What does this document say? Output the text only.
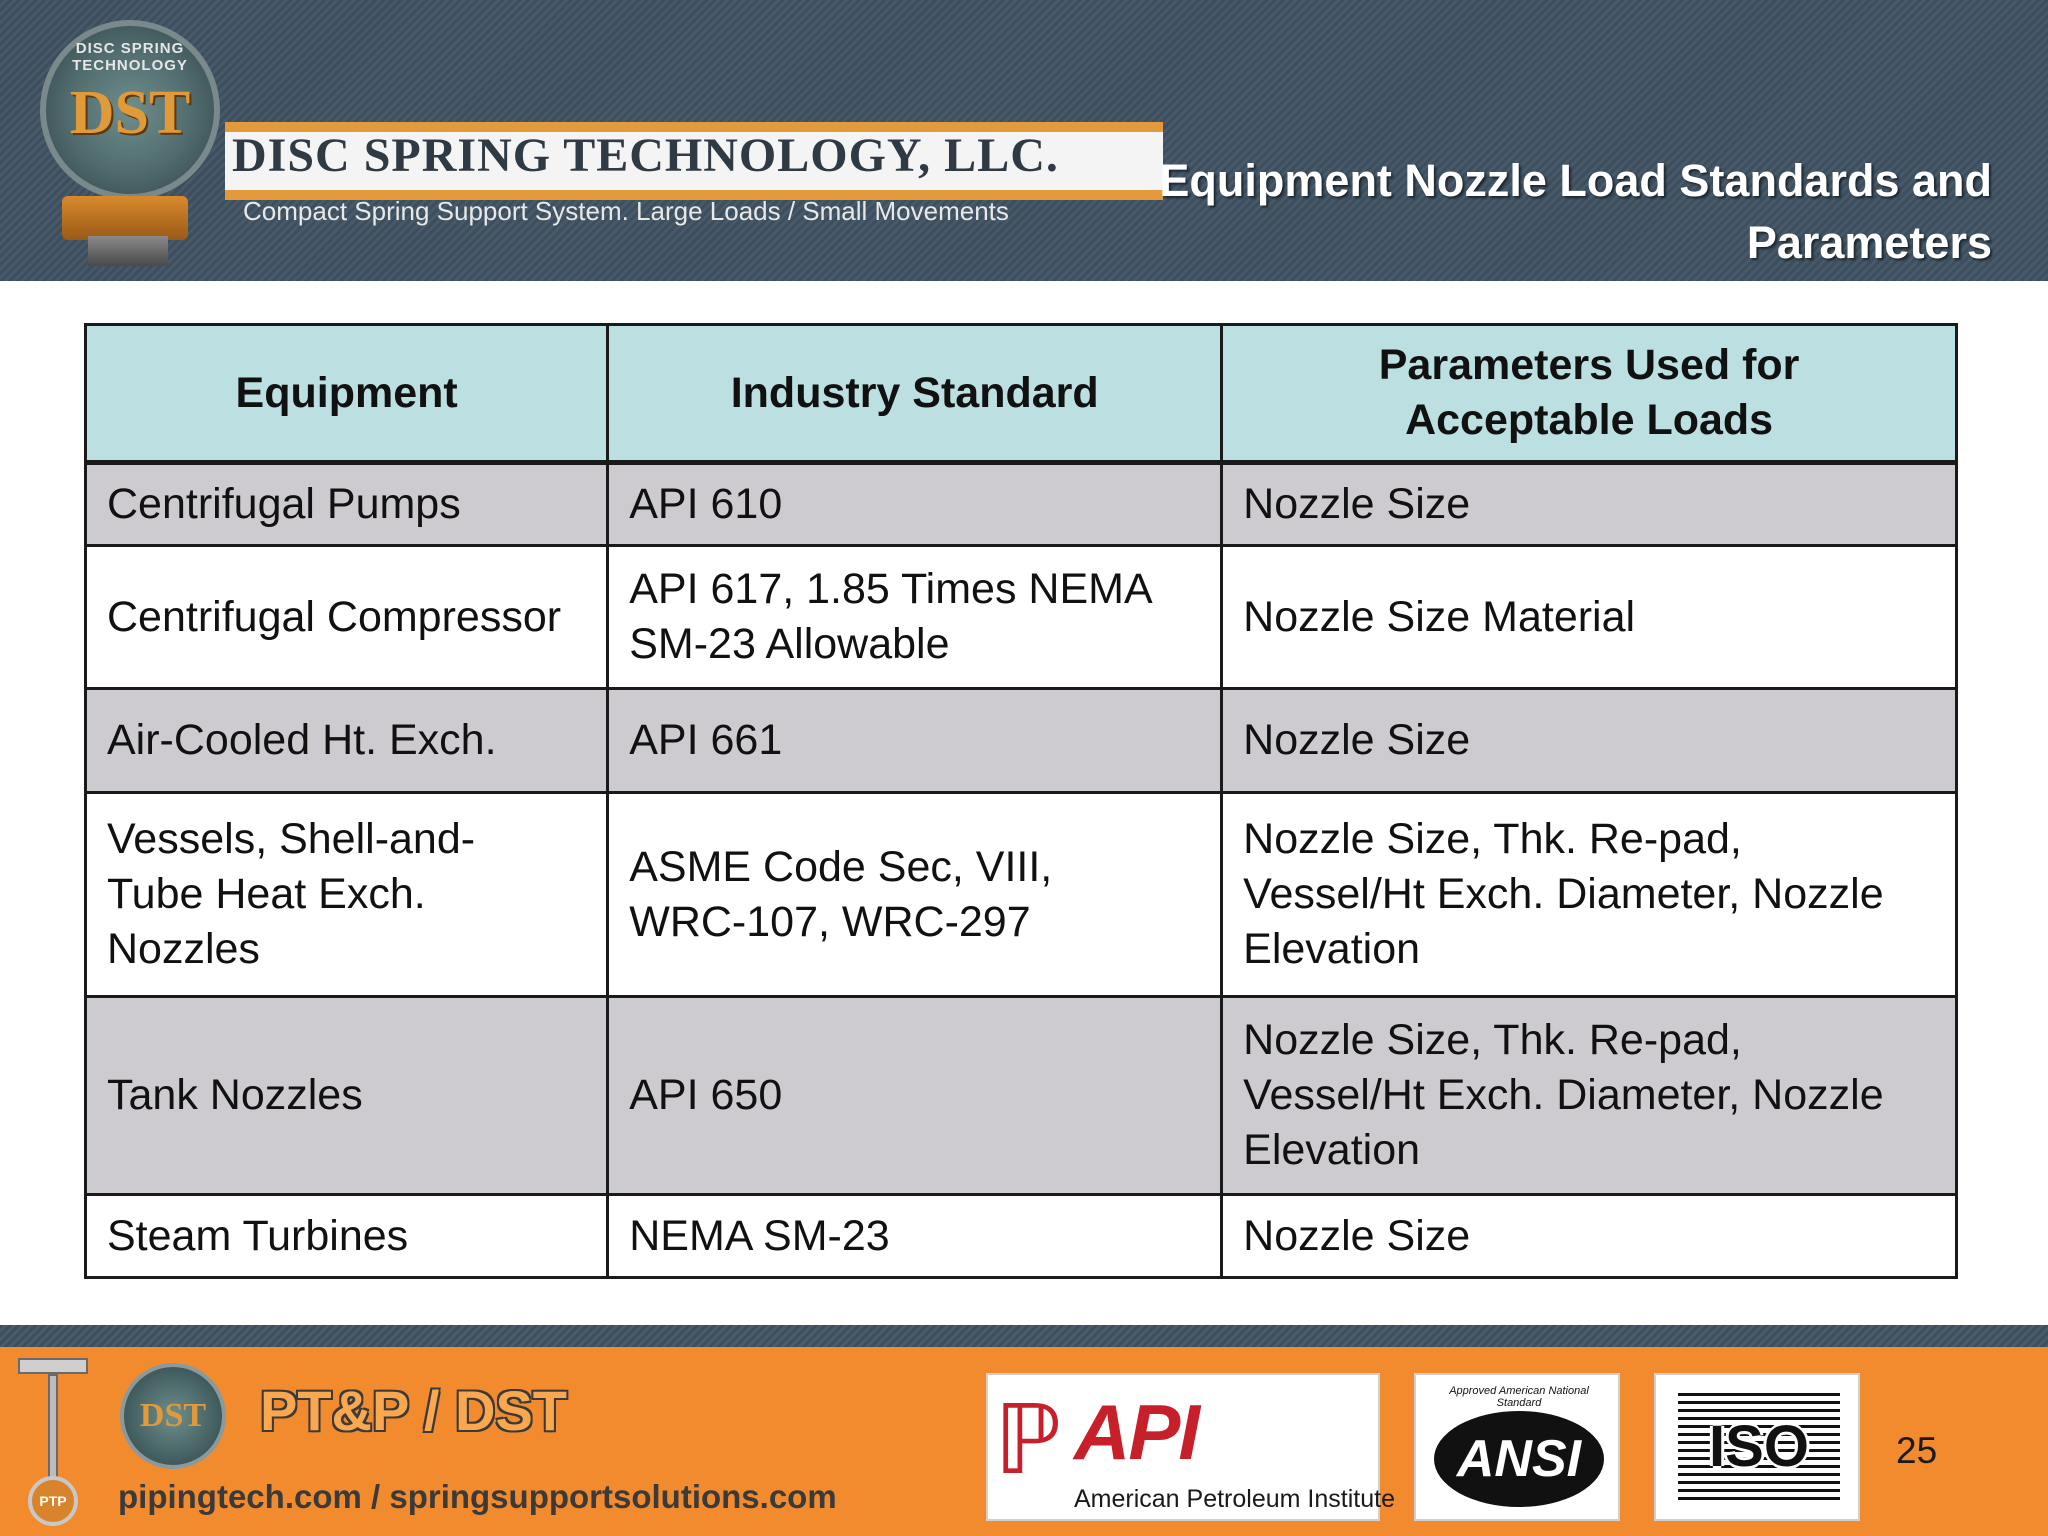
DISC SPRING TECHNOLOGY
DST
DISC SPRING TECHNOLOGY, LLC.
Compact Spring Support System. Large Loads / Small Movements
Equipment Nozzle Load Standards and Parameters
Equipment	Industry Standard	Parameters Used for Acceptable Loads
Centrifugal Pumps	API 610	Nozzle Size
Centrifugal Compressor	API 617, 1.85 Times NEMA SM-23 Allowable	Nozzle Size Material
Air-Cooled Ht. Exch.	API 661	Nozzle Size
Vessels, Shell-and-Tube Heat Exch. Nozzles	ASME Code Sec, VIII, WRC-107, WRC-297	Nozzle Size, Thk. Re-pad, Vessel/Ht Exch. Diameter, Nozzle Elevation
Tank Nozzles	API 650	Nozzle Size, Thk. Re-pad, Vessel/Ht Exch. Diameter, Nozzle Elevation
Steam Turbines	NEMA SM-23	Nozzle Size
PTP
DST PT&P / DST
pipingtech.com / springsupportsolutions.com
ℙ API
American Petroleum Institute
Approved American National Standard
ANSI	ISO	25
